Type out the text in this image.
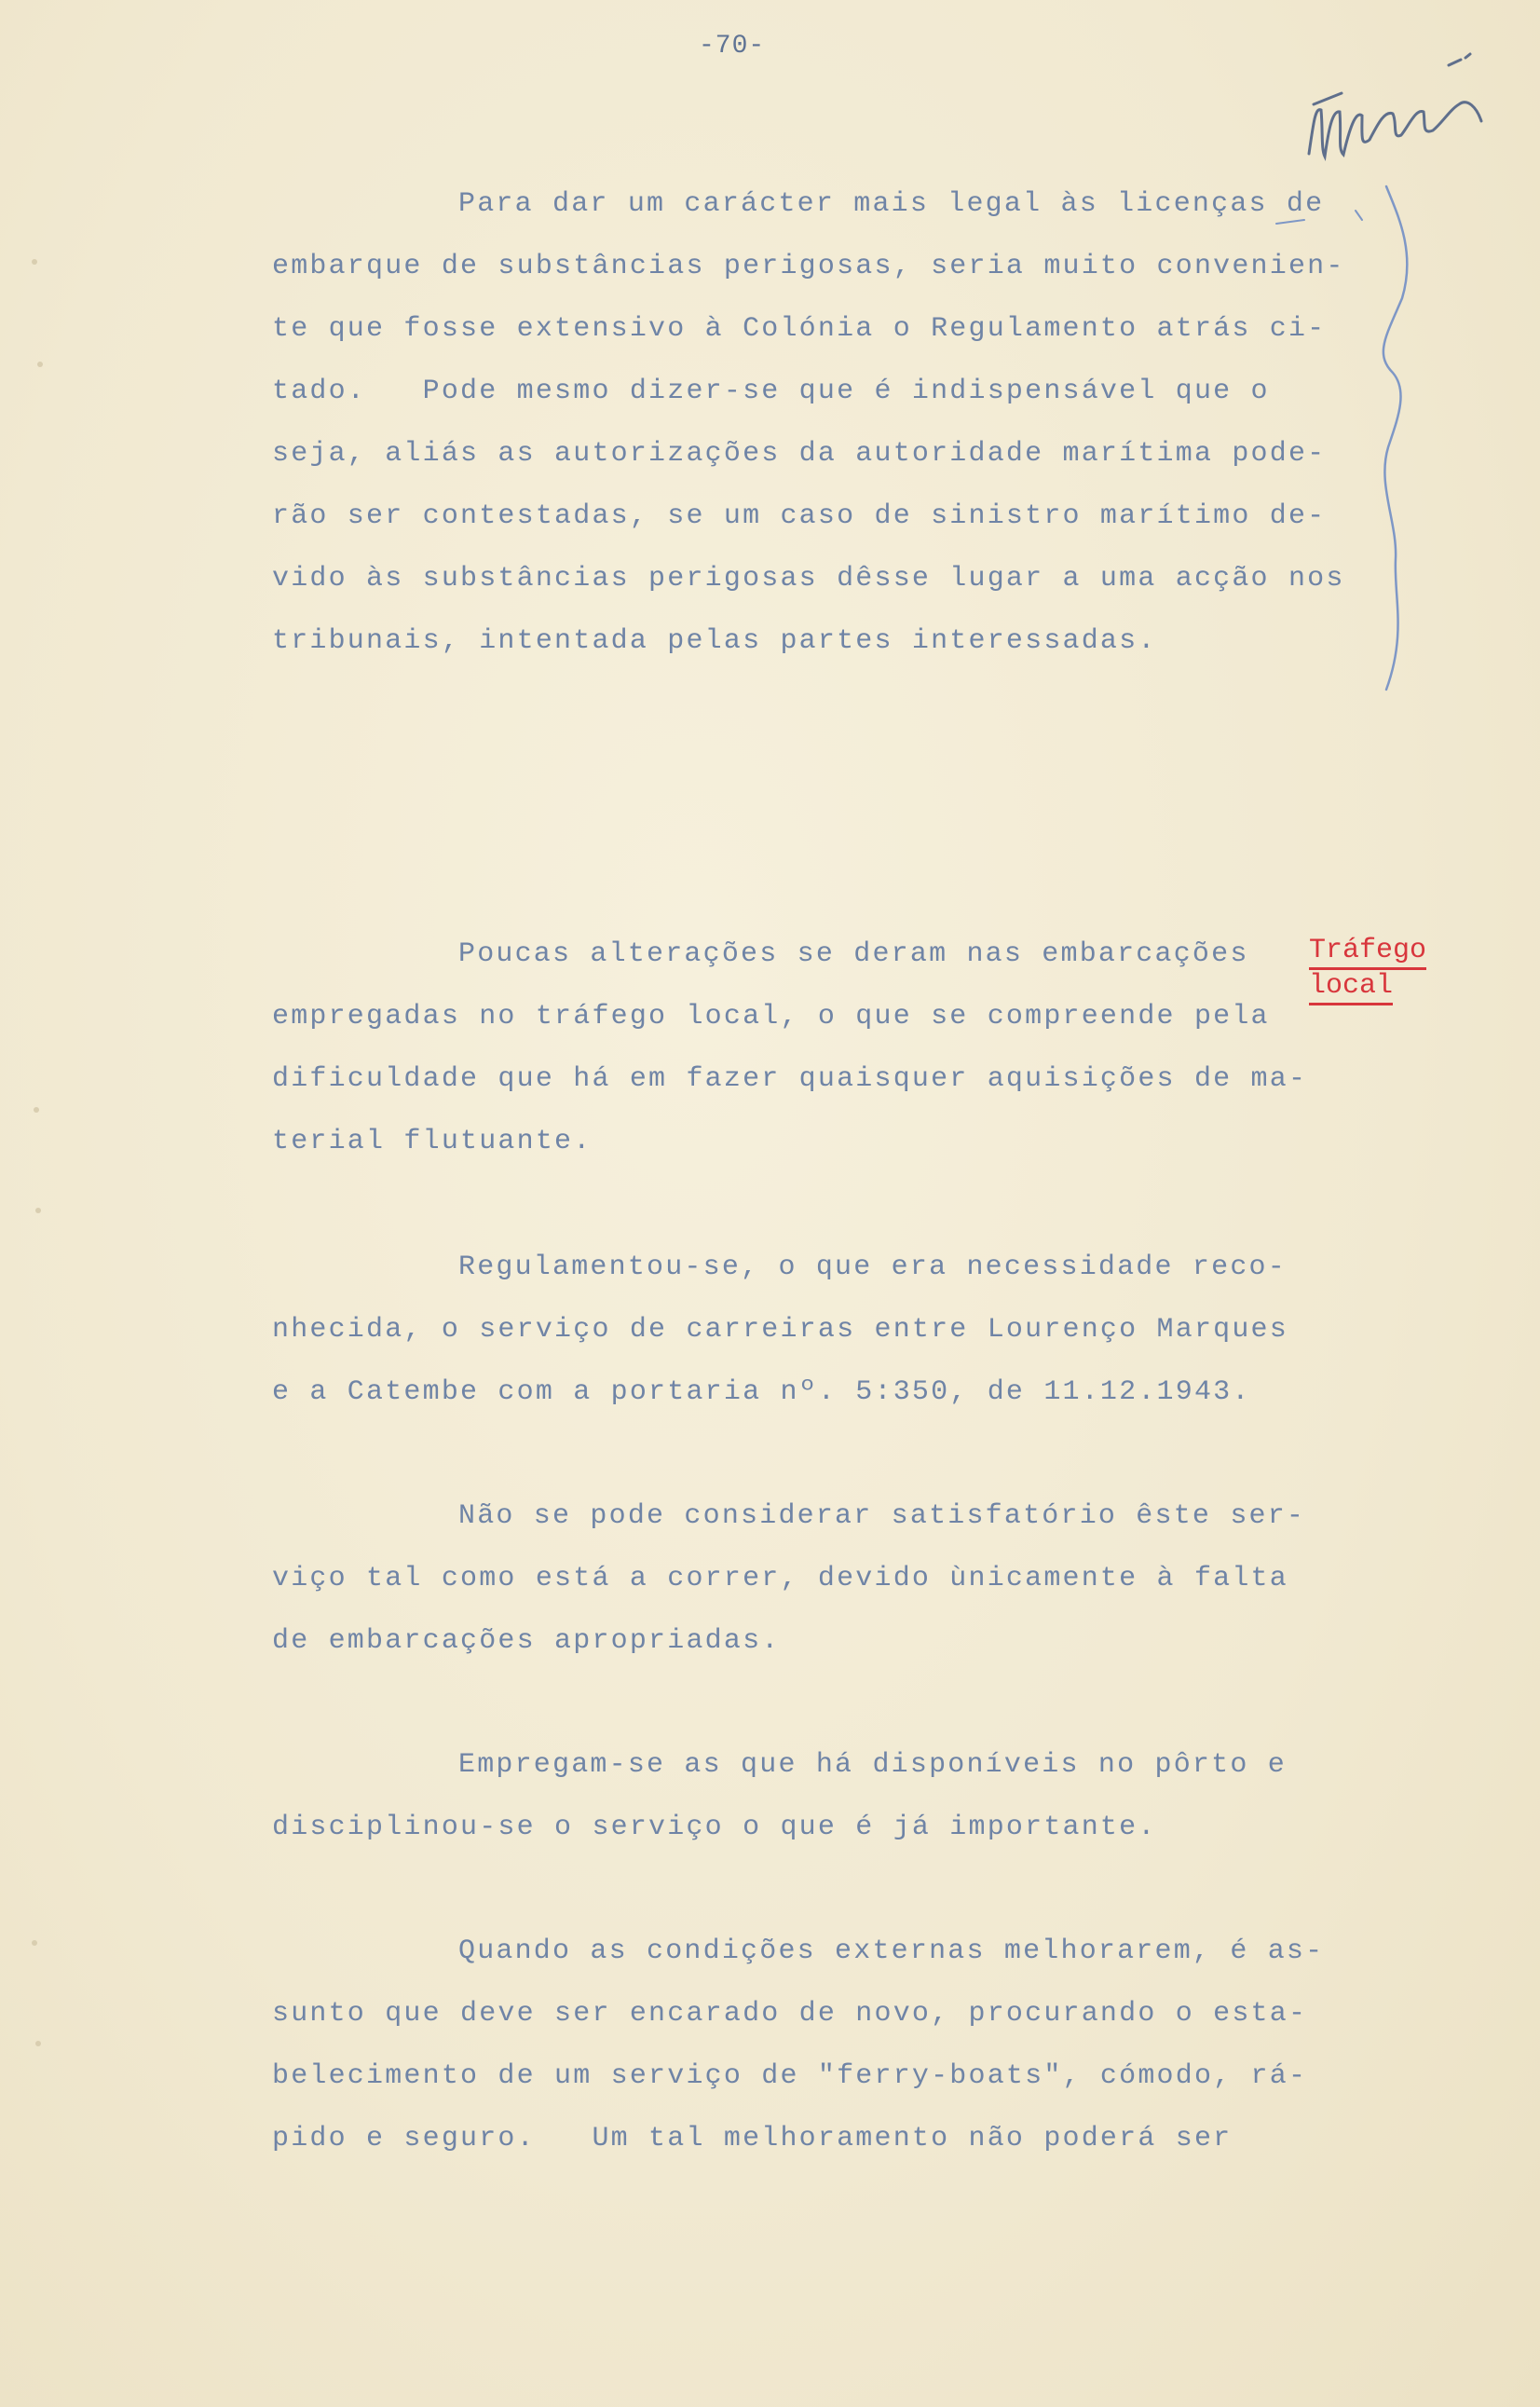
-70-
Para dar um carácter mais legal às licenças de
embarque de substâncias perigosas, seria muito convenien-
te que fosse extensivo à Colónia o Regulamento atrás ci-
tado.   Pode mesmo dizer-se que é indispensável que o
seja, aliás as autorizações da autoridade marítima pode-
rão ser contestadas, se um caso de sinistro marítimo de-
vido às substâncias perigosas dêsse lugar a uma acção nos
tribunais, intentada pelas partes interessadas.
Tráfego
local
Poucas alterações se deram nas embarcações
empregadas no tráfego local, o que se compreende pela
dificuldade que há em fazer quaisquer aquisições de ma-
terial flutuante.
Regulamentou-se, o que era necessidade reco-
nhecida, o serviço de carreiras entre Lourenço Marques
e a Catembe com a portaria nº. 5:350, de 11.12.1943.
Não se pode considerar satisfatório êste ser-
viço tal como está a correr, devido ùnicamente à falta
de embarcações apropriadas.
Empregam-se as que há disponíveis no pôrto e
disciplinou-se o serviço o que é já importante.
Quando as condições externas melhorarem, é as-
sunto que deve ser encarado de novo, procurando o esta-
belecimento de um serviço de "ferry-boats", cómodo, rá-
pido e seguro.   Um tal melhoramento não poderá ser
